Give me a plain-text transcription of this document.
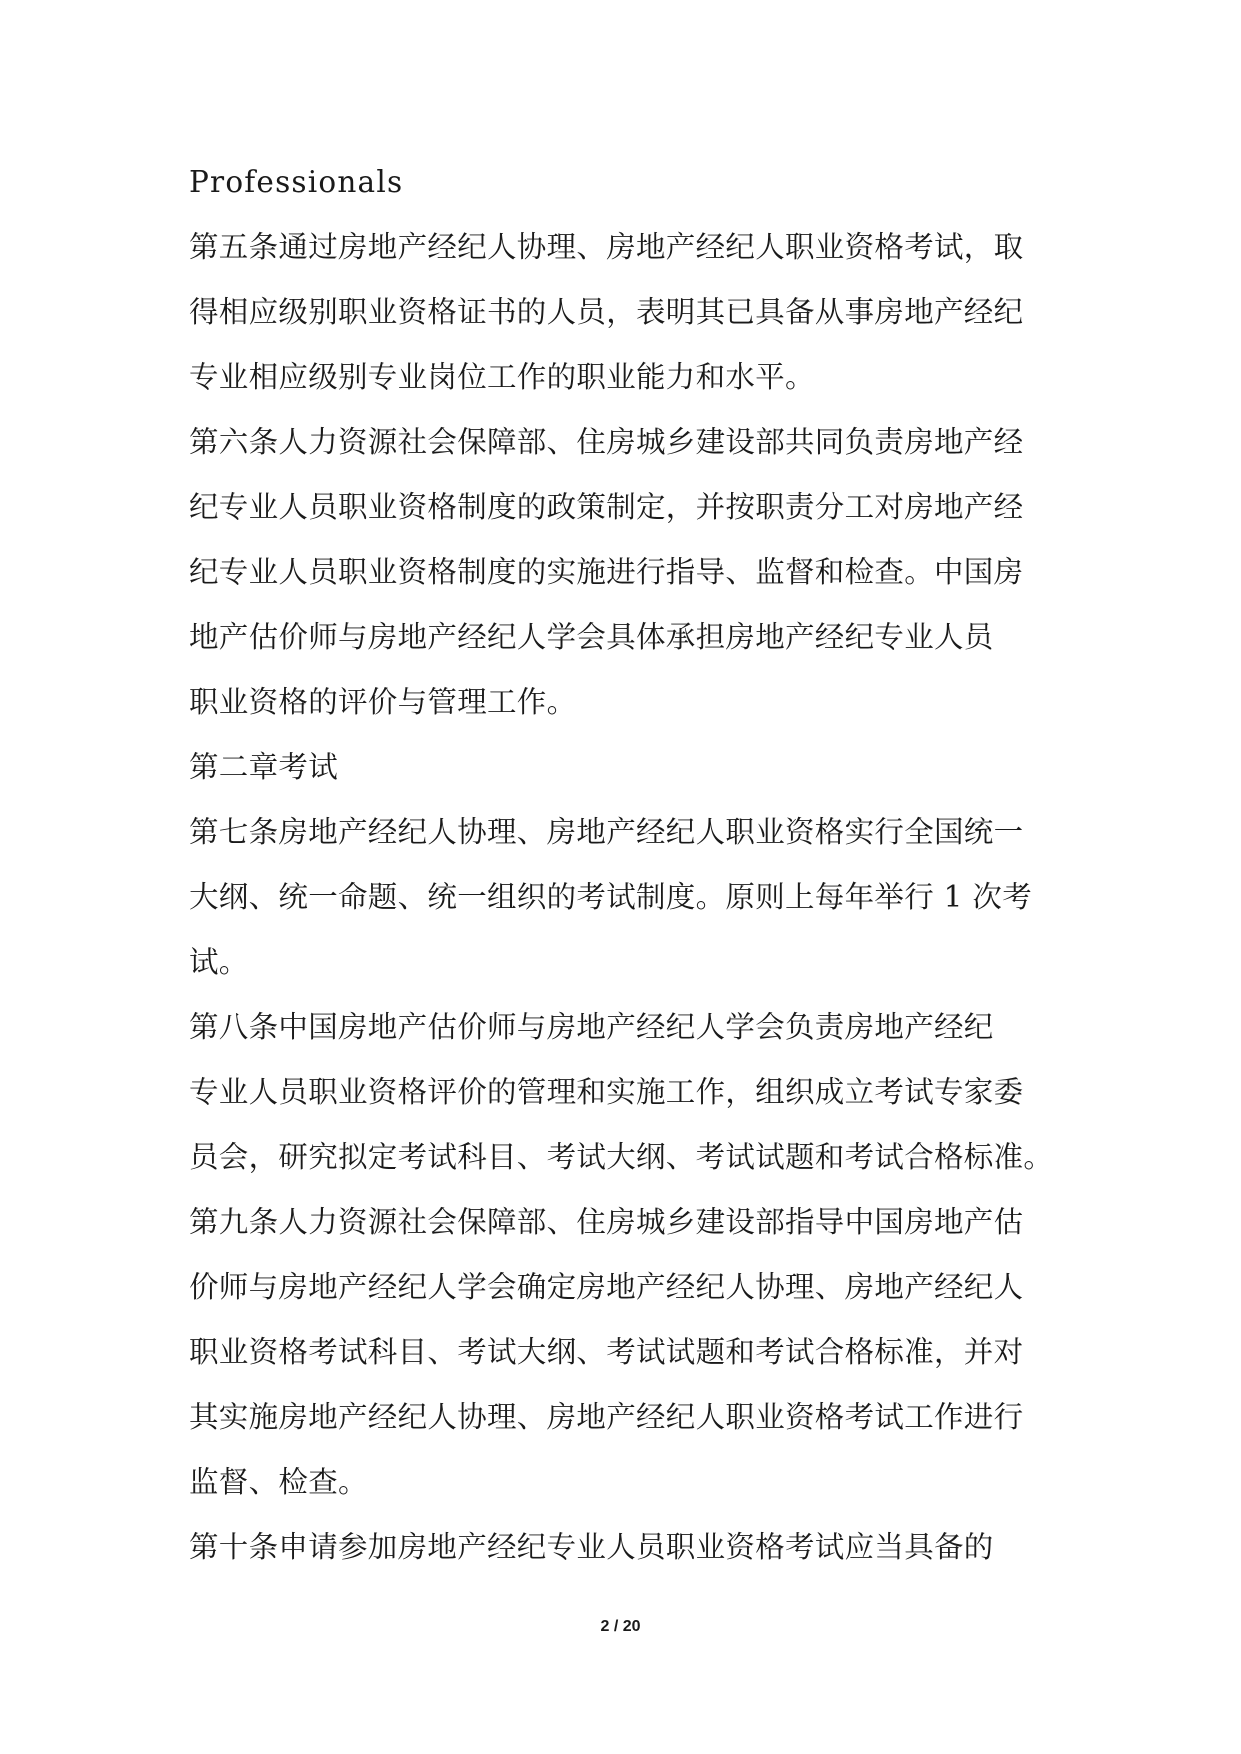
Professionals
第五条通过房地产经纪人协理、房地产经纪人职业资格考试，取
得相应级别职业资格证书的人员，表明其已具备从事房地产经纪
专业相应级别专业岗位工作的职业能力和水平。
第六条人力资源社会保障部、住房城乡建设部共同负责房地产经
纪专业人员职业资格制度的政策制定，并按职责分工对房地产经
纪专业人员职业资格制度的实施进行指导、监督和检查。中国房
地产估价师与房地产经纪人学会具体承担房地产经纪专业人员
职业资格的评价与管理工作。
第二章考试
第七条房地产经纪人协理、房地产经纪人职业资格实行全国统一
大纲、统一命题、统一组织的考试制度。原则上每年举行 1 次考
试。
第八条中国房地产估价师与房地产经纪人学会负责房地产经纪
专业人员职业资格评价的管理和实施工作，组织成立考试专家委
员会，研究拟定考试科目、考试大纲、考试试题和考试合格标准。
第九条人力资源社会保障部、住房城乡建设部指导中国房地产估
价师与房地产经纪人学会确定房地产经纪人协理、房地产经纪人
职业资格考试科目、考试大纲、考试试题和考试合格标准，并对
其实施房地产经纪人协理、房地产经纪人职业资格考试工作进行
监督、检查。
第十条申请参加房地产经纪专业人员职业资格考试应当具备的
2 / 20
